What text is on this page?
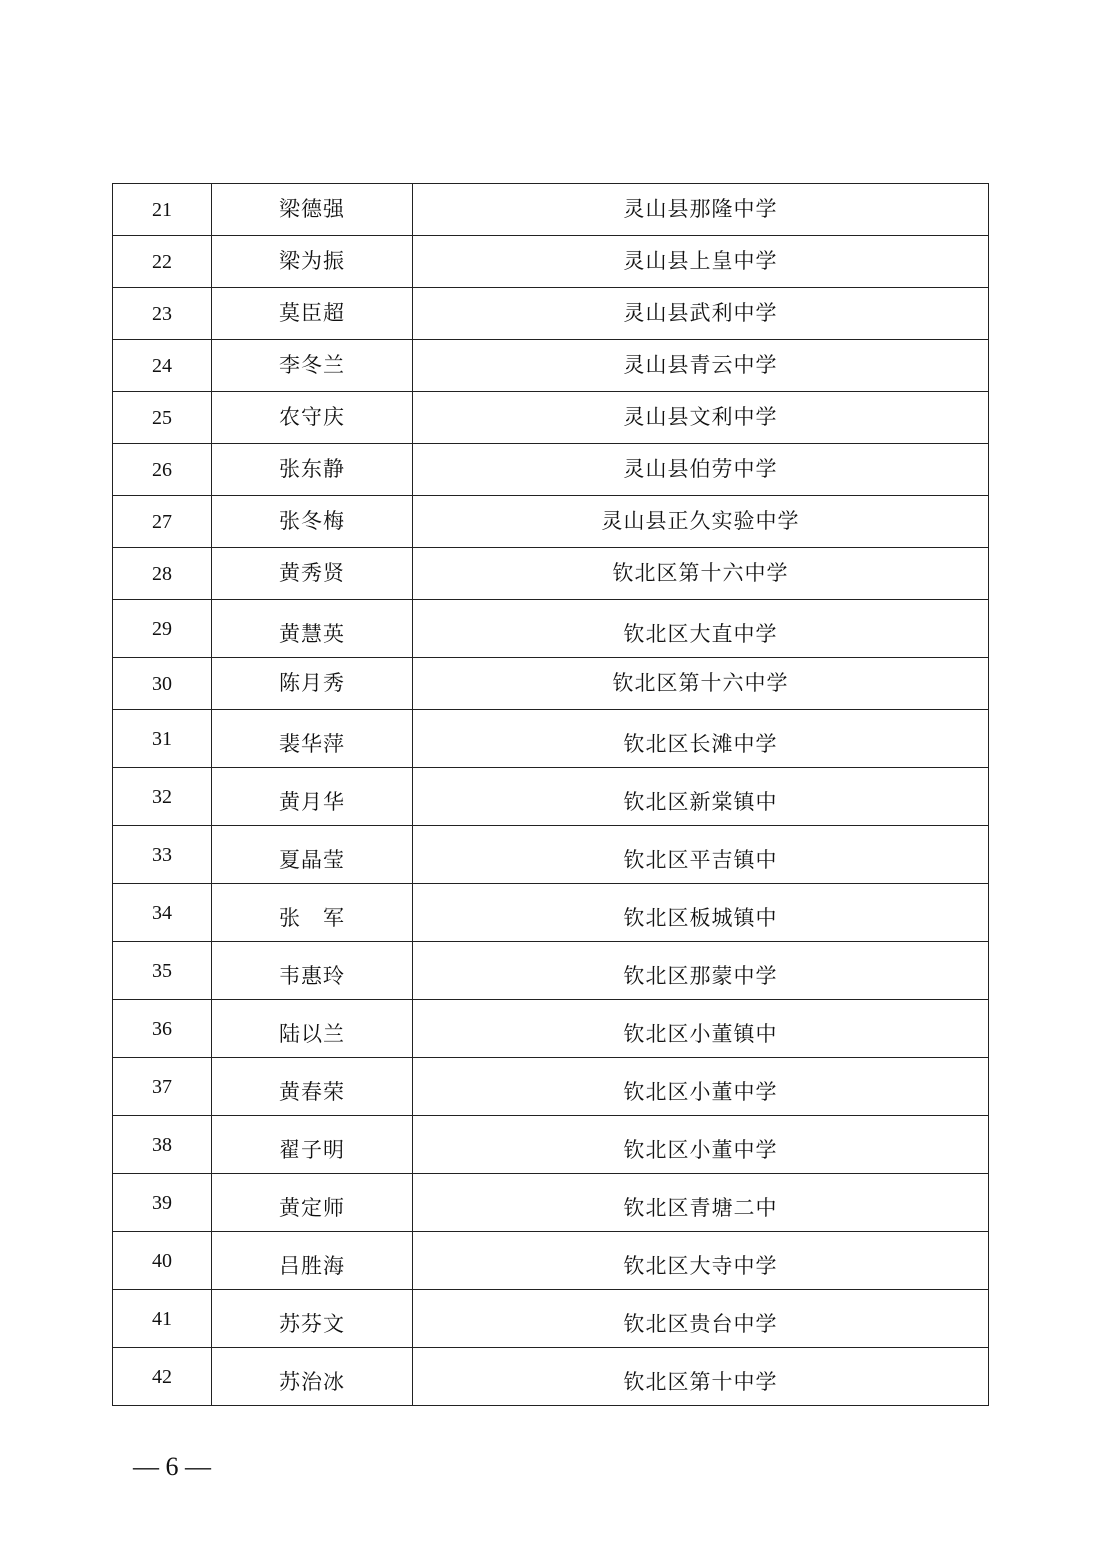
21	梁德强	灵山县那隆中学
22	梁为振	灵山县上皇中学
23	莫臣超	灵山县武利中学
24	李冬兰	灵山县青云中学
25	农守庆	灵山县文利中学
26	张东静	灵山县伯劳中学
27	张冬梅	灵山县正久实验中学
28	黄秀贤	钦北区第十六中学
29	黄慧英	钦北区大直中学
30	陈月秀	钦北区第十六中学
31	裴华萍	钦北区长滩中学
32	黄月华	钦北区新棠镇中
33	夏晶莹	钦北区平吉镇中
34	张　军	钦北区板城镇中
35	韦惠玲	钦北区那蒙中学
36	陆以兰	钦北区小董镇中
37	黄春荣	钦北区小董中学
38	翟子明	钦北区小董中学
39	黄定师	钦北区青塘二中
40	吕胜海	钦北区大寺中学
41	苏芬文	钦北区贵台中学
42	苏治冰	钦北区第十中学
— 6 —
